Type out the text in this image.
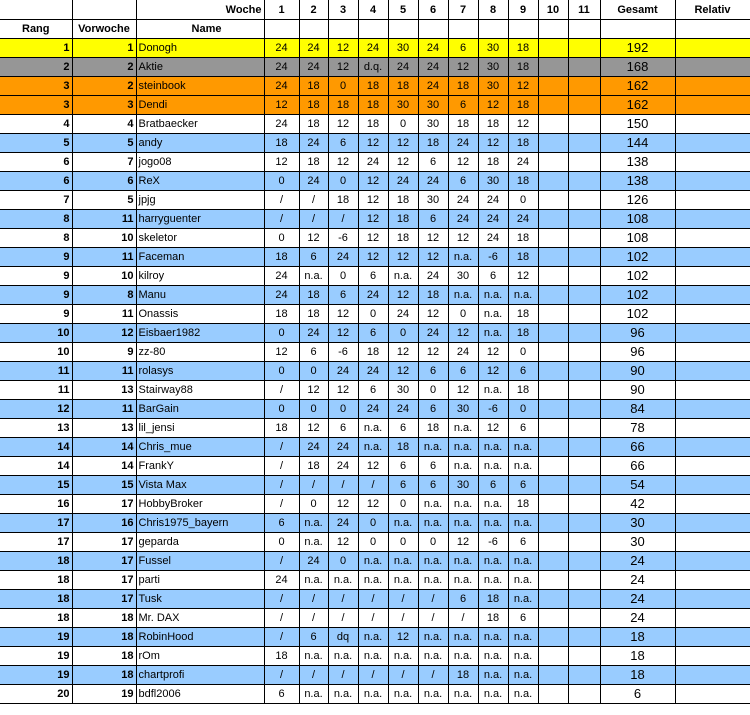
		Woche	1	2	3	4	5	6	7	8	9	10	11	Gesamt	Relativ
Rang	Vorwoche	Name													
1	1	Donogh	24	24	12	24	30	24	6	30	18			192	
2	2	Aktie	24	24	12	d.q.	24	24	12	30	18			168	
3	2	steinbook	24	18	0	18	18	24	18	30	12			162	
3	3	Dendi	12	18	18	18	30	30	6	12	18			162	
4	4	Bratbaecker	24	18	12	18	0	30	18	18	12			150	
5	5	andy	18	24	6	12	12	18	24	12	18			144	
6	7	jogo08	12	18	12	24	12	6	12	18	24			138	
6	6	ReX	0	24	0	12	24	24	6	30	18			138	
7	5	jpjg	/	/	18	12	18	30	24	24	0			126	
8	11	harryguenter	/	/	/	12	18	6	24	24	24			108	
8	10	skeletor	0	12	-6	12	18	12	12	24	18			108	
9	11	Faceman	18	6	24	12	12	12	n.a.	-6	18			102	
9	10	kilroy	24	n.a.	0	6	n.a.	24	30	6	12			102	
9	8	Manu	24	18	6	24	12	18	n.a.	n.a.	n.a.			102	
9	11	Onassis	18	18	12	0	24	12	0	n.a.	18			102	
10	12	Eisbaer1982	0	24	12	6	0	24	12	n.a.	18			96	
10	9	zz-80	12	6	-6	18	12	12	24	12	0			96	
11	11	rolasys	0	0	24	24	12	6	6	12	6			90	
11	13	Stairway88	/	12	12	6	30	0	12	n.a.	18			90	
12	11	BarGain	0	0	0	24	24	6	30	-6	0			84	
13	13	lil_jensi	18	12	6	n.a.	6	18	n.a.	12	6			78	
14	14	Chris_mue	/	24	24	n.a.	18	n.a.	n.a.	n.a.	n.a.			66	
14	14	FrankY	/	18	24	12	6	6	n.a.	n.a.	n.a.			66	
15	15	Vista Max	/	/	/	/	6	6	30	6	6			54	
16	17	HobbyBroker	/	0	12	12	0	n.a.	n.a.	n.a.	18			42	
17	16	Chris1975_bayern	6	n.a.	24	0	n.a.	n.a.	n.a.	n.a.	n.a.			30	
17	17	geparda	0	n.a.	12	0	0	0	12	-6	6			30	
18	17	Fussel	/	24	0	n.a.	n.a.	n.a.	n.a.	n.a.	n.a.			24	
18	17	parti	24	n.a.	n.a.	n.a.	n.a.	n.a.	n.a.	n.a.	n.a.			24	
18	17	Tusk	/	/	/	/	/	/	6	18	n.a.			24	
18	18	Mr. DAX	/	/	/	/	/	/	/	18	6			24	
19	18	RobinHood	/	6	dq	n.a.	12	n.a.	n.a.	n.a.	n.a.			18	
19	18	rOm	18	n.a.	n.a.	n.a.	n.a.	n.a.	n.a.	n.a.	n.a.			18	
19	18	chartprofi	/	/	/	/	/	/	18	n.a.	n.a.			18	
20	19	bdfl2006	6	n.a.	n.a.	n.a.	n.a.	n.a.	n.a.	n.a.	n.a.			6	
